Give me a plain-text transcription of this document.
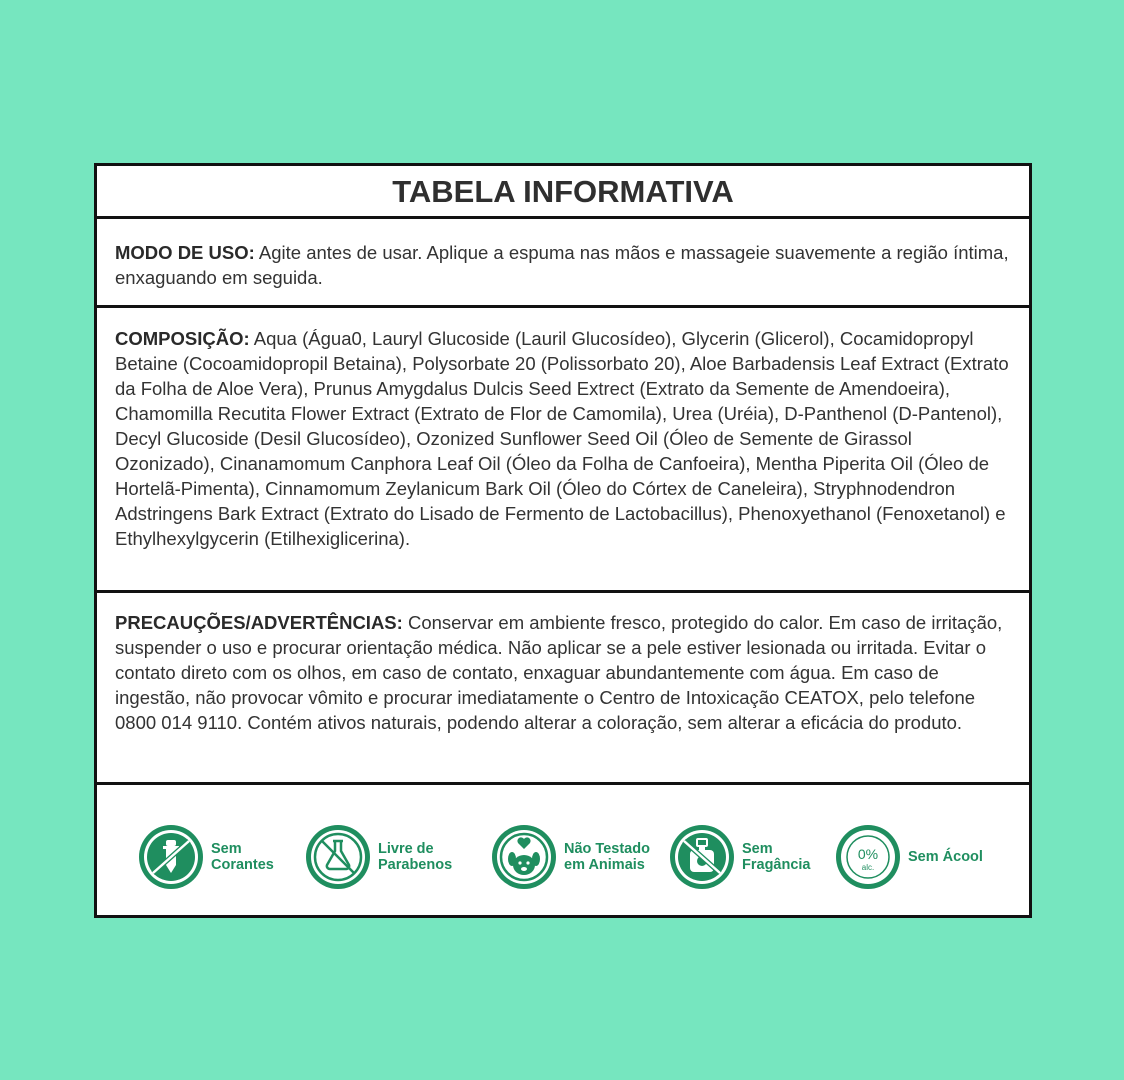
TABELA INFORMATIVA
MODO DE USO: Agite antes de usar. Aplique a espuma nas mãos e massageie suavemente a região íntima, enxaguando em seguida.
COMPOSIÇÃO: Aqua (Água0, Lauryl Glucoside (Lauril Glucosídeo), Glycerin (Glicerol), Cocamidopropyl Betaine (Cocoamidopropil Betaina), Polysorbate 20 (Polissorbato 20), Aloe Barbadensis Leaf Extract (Extrato da Folha de Aloe Vera), Prunus Amygdalus Dulcis Seed Extrect (Extrato da Semente de Amendoeira), Chamomilla Recutita Flower Extract (Extrato de Flor de Camomila), Urea (Uréia), D-Panthenol (D-Pantenol), Decyl Glucoside (Desil Glucosídeo), Ozonized Sunflower Seed Oil (Óleo de Semente de Girassol Ozonizado), Cinanamomum Canphora Leaf Oil (Óleo da Folha de Canfoeira), Mentha Piperita Oil (Óleo de Hortelã-Pimenta), Cinnamomum Zeylanicum Bark Oil (Óleo do Córtex de Caneleira), Stryphnodendron Adstringens Bark Extract (Extrato do Lisado de Fermento de Lactobacillus), Phenoxyethanol (Fenoxetanol) e Ethylhexylgycerin (Etilhexiglicerina).
PRECAUÇÕES/ADVERTÊNCIAS: Conservar em ambiente fresco, protegido do calor. Em caso de irritação, suspender o uso e procurar orientação médica. Não aplicar se a pele estiver lesionada ou irritada. Evitar o contato direto com os olhos, em caso de contato, enxaguar abundantemente com água. Em caso de ingestão, não provocar vômito e procurar imediatamente o Centro de Intoxicação CEATOX, pelo telefone 0800 014 9110. Contém ativos naturais, podendo alterar a coloração, sem alterar a eficácia do produto.
Sem
Corantes
Livre de
Parabenos
Não Testado
em Animais
Sem
Fragância
0%
alc.
Sem Ácool
